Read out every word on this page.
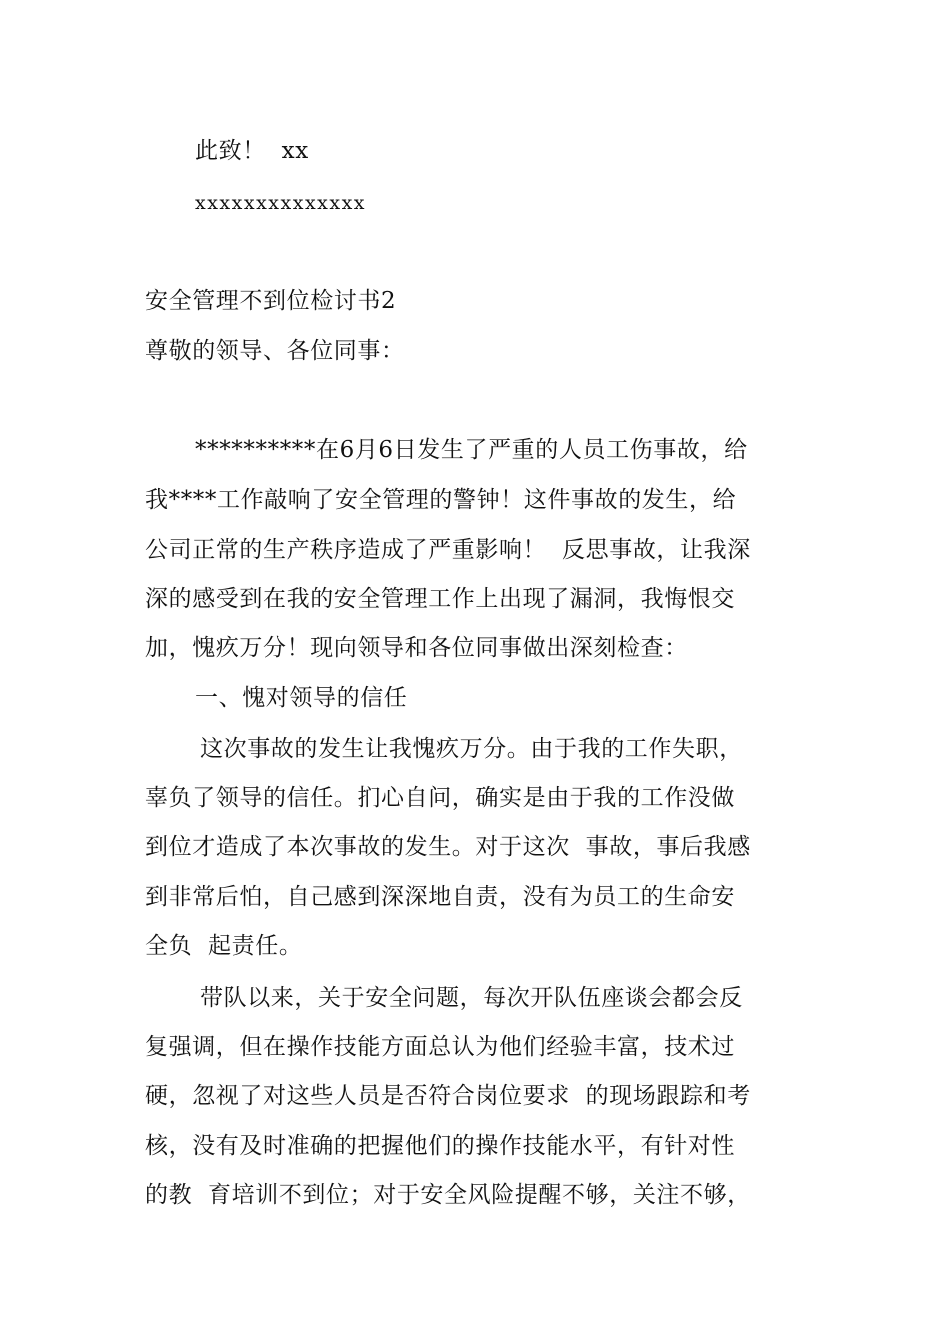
此致！  xx
xxxxxxxxxxxxxx
安全管理不到位检讨书2
尊敬的领导、各位同事：
**********在6月6日发生了严重的人员工伤事故，给
我****工作敲响了安全管理的警钟！这件事故的发生，给
公司正常的生产秩序造成了严重影响！  反思事故，让我深
深的感受到在我的安全管理工作上出现了漏洞，我悔恨交
加，愧疚万分！现向领导和各位同事做出深刻检查：
一、愧对领导的信任
这次事故的发生让我愧疚万分。由于我的工作失职，
辜负了领导的信任。扪心自问，确实是由于我的工作没做
到位才造成了本次事故的发生。对于这次  事故，事后我感
到非常后怕，自己感到深深地自责，没有为员工的生命安
全负  起责任。
带队以来，关于安全问题，每次开队伍座谈会都会反
复强调，但在操作技能方面总认为他们经验丰富，技术过
硬，忽视了对这些人员是否符合岗位要求  的现场跟踪和考
核，没有及时准确的把握他们的操作技能水平，有针对性
的教  育培训不到位；对于安全风险提醒不够，关注不够，
